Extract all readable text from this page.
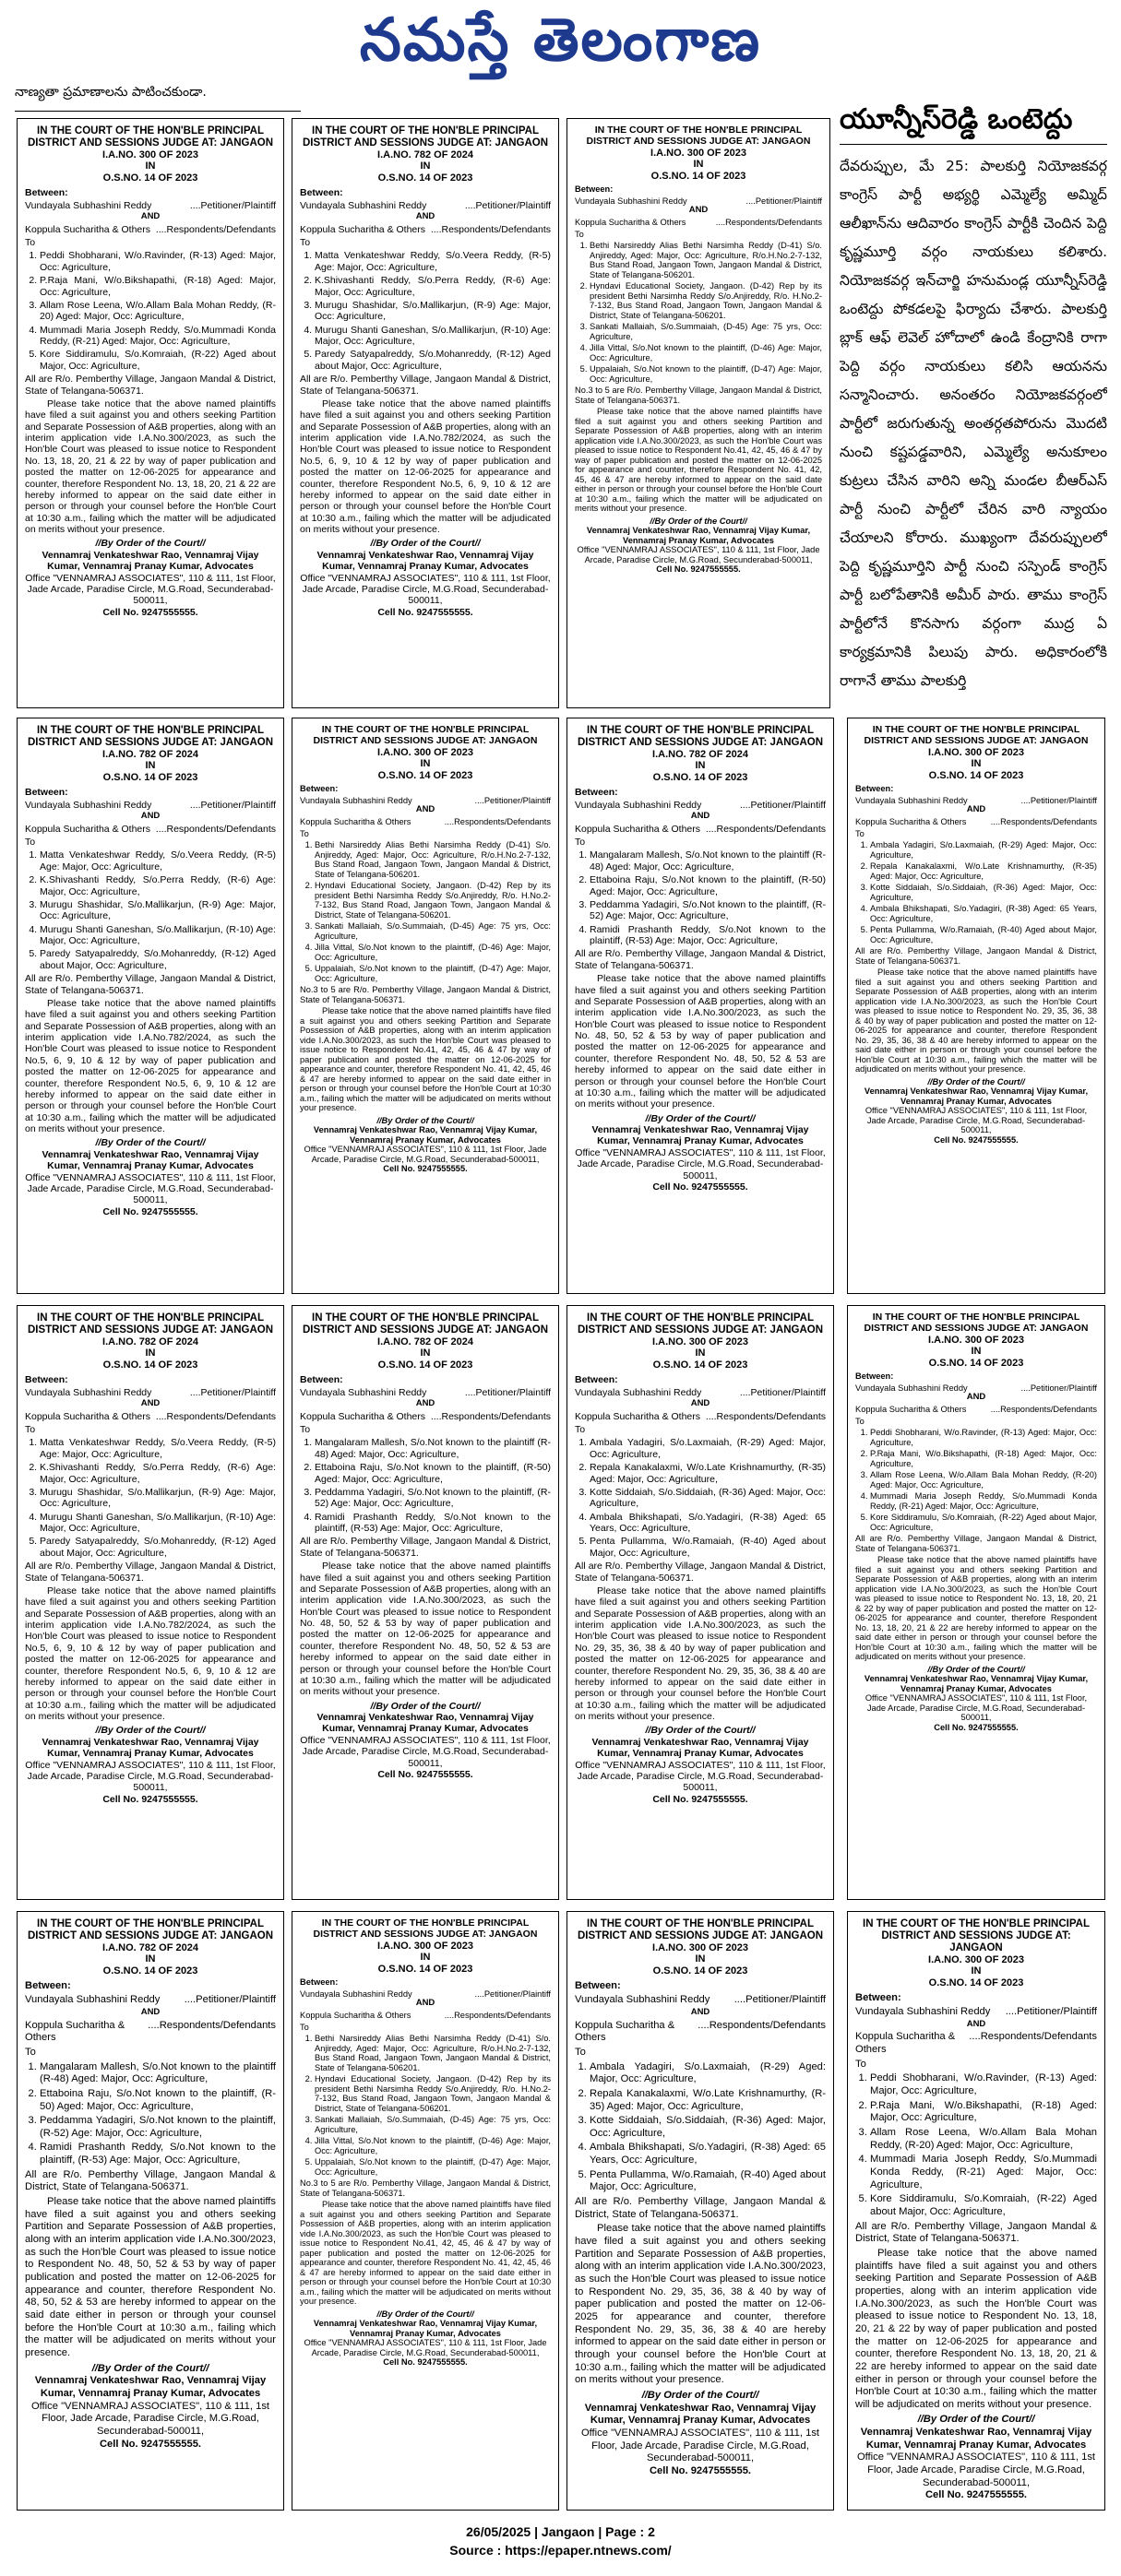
నమస్తే తెలంగాణ
నాణ్యతా ప్రమాణాలను పాటించకుండా.
IN THE COURT OF THE HON'BLE PRINCIPAL DISTRICT AND SESSIONS JUDGE AT: JANGAON
I.A.NO. 300 OF 2023
IN
O.S.NO. 14 OF 2023
Between:
Vundayala Subhashini Reddy	....Petitioner/Plaintiff
AND
Koppula Sucharitha & Others ....Respondents/Defendants
To
1. Peddi Shobharani, W/o.Ravinder, (R-13) Aged: Major, Occ: Agriculture,
2. P.Raja Mani, W/o.Bikshapathi, (R-18) Aged: Major, Occ: Agriculture,
3. Allam Rose Leena, W/o.Allam Bala Mohan Reddy, (R-20) Aged: Major, Occ: Agriculture,
4. Mummadi Maria Joseph Reddy, S/o.Mummadi Konda Reddy, (R-21) Aged: Major, Occ: Agriculture,
5. Kore Siddiramulu, S/o.Komraiah, (R-22) Aged about Major, Occ: Agriculture,
All are R/o. Pemberthy Village, Jangaon Mandal & District, State of Telangana-506371.
Please take notice that the above named plaintiffs have filed a suit against you and others seeking Partition and Separate Possession of A&B properties, along with an interim application vide I.A.No.300/2023, as such the Hon'ble Court was pleased to issue notice to Respondent No. 13, 18, 20, 21 & 22 by way of paper publication and posted the matter on 12-06-2025 for appearance and counter, therefore Respondent No. 13, 18, 20, 21 & 22 are hereby informed to appear on the said date either in person or through your counsel before the Hon'ble Court at 10:30 a.m., failing which the matter will be adjudicated on merits without your presence.
//By Order of the Court//
Vennamraj Venkateshwar Rao, Vennamraj Vijay Kumar, Vennamraj Pranay Kumar, Advocates
Office "VENNAMRAJ ASSOCIATES", 110 & 111, 1st Floor, Jade Arcade, Paradise Circle, M.G.Road, Secunderabad-500011,
Cell No. 9247555555.
IN THE COURT OF THE HON'BLE PRINCIPAL DISTRICT AND SESSIONS JUDGE AT: JANGAON
I.A.NO. 782 OF 2024
IN
O.S.NO. 14 OF 2023
Between:
Vundayala Subhashini Reddy	....Petitioner/Plaintiff
AND
Koppula Sucharitha & Others ....Respondents/Defendants
To
1. Matta Venkateshwar Reddy, S/o.Veera Reddy, (R-5) Age: Major, Occ: Agriculture,
2. K.Shivashanti Reddy, S/o.Perra Reddy, (R-6) Age: Major, Occ: Agriculture,
3. Murugu Shashidar, S/o.Mallikarjun, (R-9) Age: Major, Occ: Agriculture,
4. Murugu Shanti Ganeshan, S/o.Mallikarjun, (R-10) Age: Major, Occ: Agriculture,
5. Paredy Satyapalreddy, S/o.Mohanreddy, (R-12) Aged about Major, Occ: Agriculture,
All are R/o. Pemberthy Village, Jangaon Mandal & District, State of Telangana-506371.
Please take notice that the above named plaintiffs have filed a suit against you and others seeking Partition and Separate Possession of A&B properties, along with an interim application vide I.A.No.782/2024, as such the Hon'ble Court was pleased to issue notice to Respondent No.5, 6, 9, 10 & 12 by way of paper publication and posted the matter on 12-06-2025 for appearance and counter, therefore Respondent No.5, 6, 9, 10 & 12 are hereby informed to appear on the said date either in person or through your counsel before the Hon'ble Court at 10:30 a.m., failing which the matter will be adjudicated on merits without your presence.
//By Order of the Court//
Vennamraj Venkateshwar Rao, Vennamraj Vijay Kumar, Vennamraj Pranay Kumar, Advocates
Office "VENNAMRAJ ASSOCIATES", 110 & 111, 1st Floor, Jade Arcade, Paradise Circle, M.G.Road, Secunderabad-500011,
Cell No. 9247555555.
IN THE COURT OF THE HON'BLE PRINCIPAL DISTRICT AND SESSIONS JUDGE AT: JANGAON
I.A.NO. 300 OF 2023
IN
O.S.NO. 14 OF 2023
Between:
Vundayala Subhashini Reddy	....Petitioner/Plaintiff
AND
Koppula Sucharitha & Others	....Respondents/Defendants
To
1. Bethi Narsireddy Alias Bethi Narsimha Reddy (D-41) S/o. Anjireddy, Aged: Major, Occ: Agriculture, R/o.H.No.2-7-132, Bus Stand Road, Jangaon Town, Jangaon Mandal & District, State of Telangana-506201.
2. Hyndavi Educational Society, Jangaon. (D-42) Rep by its president Bethi Narsimha Reddy S/o.Anjireddy, R/o. H.No.2-7-132, Bus Stand Road, Jangaon Town, Jangaon Mandal & District, State of Telangana-506201.
3. Sankati Mallaiah, S/o.Summaiah, (D-45) Age: 75 yrs, Occ: Agriculture,
4. Jilla Vittal, S/o.Not known to the plaintiff, (D-46) Age: Major, Occ: Agriculture,
5. Uppalaiah, S/o.Not known to the plaintiff, (D-47) Age: Major, Occ: Agriculture,
No.3 to 5 are R/o. Pemberthy Village, Jangaon Mandal & District, State of Telangana-506371.
Please take notice that the above named plaintiffs have filed a suit against you and others seeking Partition and Separate Possession of A&B properties, along with an interim application vide I.A.No.300/2023, as such the Hon'ble Court was pleased to issue notice to Respondent No.41, 42, 45, 46 & 47 by way of paper publication and posted the matter on 12-06-2025 for appearance and counter, therefore Respondent No. 41, 42, 45, 46 & 47 are hereby informed to appear on the said date either in person or through your counsel before the Hon'ble Court at 10:30 a.m., failing which the matter will be adjudicated on merits without your presence.
//By Order of the Court//
Vennamraj Venkateshwar Rao, Vennamraj Vijay Kumar, Vennamraj Pranay Kumar, Advocates
Office "VENNAMRAJ ASSOCIATES", 110 & 111, 1st Floor, Jade Arcade, Paradise Circle, M.G.Road, Secunderabad-500011,
Cell No. 9247555555.
IN THE COURT OF THE HON'BLE PRINCIPAL DISTRICT AND SESSIONS JUDGE AT: JANGAON
I.A.NO. 782 OF 2024
IN
O.S.NO. 14 OF 2023
Between:
Vundayala Subhashini Reddy	....Petitioner/Plaintiff
AND
Koppula Sucharitha & Others ....Respondents/Defendants
To
1. Matta Venkateshwar Reddy, S/o.Veera Reddy, (R-5) Age: Major, Occ: Agriculture,
2. K.Shivashanti Reddy, S/o.Perra Reddy, (R-6) Age: Major, Occ: Agriculture,
3. Murugu Shashidar, S/o.Mallikarjun, (R-9) Age: Major, Occ: Agriculture,
4. Murugu Shanti Ganeshan, S/o.Mallikarjun, (R-10) Age: Major, Occ: Agriculture,
5. Paredy Satyapalreddy, S/o.Mohanreddy, (R-12) Aged about Major, Occ: Agriculture,
All are R/o. Pemberthy Village, Jangaon Mandal & District, State of Telangana-506371.
Please take notice that the above named plaintiffs have filed a suit against you and others seeking Partition and Separate Possession of A&B properties, along with an interim application vide I.A.No.782/2024, as such the Hon'ble Court was pleased to issue notice to Respondent No.5, 6, 9, 10 & 12 by way of paper publication and posted the matter on 12-06-2025 for appearance and counter, therefore Respondent No.5, 6, 9, 10 & 12 are hereby informed to appear on the said date either in person or through your counsel before the Hon'ble Court at 10:30 a.m., failing which the matter will be adjudicated on merits without your presence.
//By Order of the Court//
Vennamraj Venkateshwar Rao, Vennamraj Vijay Kumar, Vennamraj Pranay Kumar, Advocates
Office "VENNAMRAJ ASSOCIATES", 110 & 111, 1st Floor, Jade Arcade, Paradise Circle, M.G.Road, Secunderabad-500011,
Cell No. 9247555555.
IN THE COURT OF THE HON'BLE PRINCIPAL DISTRICT AND SESSIONS JUDGE AT: JANGAON
I.A.NO. 300 OF 2023
IN
O.S.NO. 14 OF 2023
Between:
Vundayala Subhashini Reddy	....Petitioner/Plaintiff
AND
Koppula Sucharitha & Others	....Respondents/Defendants
To
1. Bethi Narsireddy Alias Bethi Narsimha Reddy (D-41) S/o. Anjireddy, Aged: Major, Occ: Agriculture, R/o.H.No.2-7-132, Bus Stand Road, Jangaon Town, Jangaon Mandal & District, State of Telangana-506201.
2. Hyndavi Educational Society, Jangaon. (D-42) Rep by its president Bethi Narsimha Reddy S/o.Anjireddy, R/o. H.No.2-7-132, Bus Stand Road, Jangaon Town, Jangaon Mandal & District, State of Telangana-506201.
3. Sankati Mallaiah, S/o.Summaiah, (D-45) Age: 75 yrs, Occ: Agriculture,
4. Jilla Vittal, S/o.Not known to the plaintiff, (D-46) Age: Major, Occ: Agriculture,
5. Uppalaiah, S/o.Not known to the plaintiff, (D-47) Age: Major, Occ: Agriculture,
No.3 to 5 are R/o. Pemberthy Village, Jangaon Mandal & District, State of Telangana-506371.
Please take notice that the above named plaintiffs have filed a suit against you and others seeking Partition and Separate Possession of A&B properties, along with an interim application vide I.A.No.300/2023, as such the Hon'ble Court was pleased to issue notice to Respondent No.41, 42, 45, 46 & 47 by way of paper publication and posted the matter on 12-06-2025 for appearance and counter, therefore Respondent No. 41, 42, 45, 46 & 47 are hereby informed to appear on the said date either in person or through your counsel before the Hon'ble Court at 10:30 a.m., failing which the matter will be adjudicated on merits without your presence.
//By Order of the Court//
Vennamraj Venkateshwar Rao, Vennamraj Vijay Kumar, Vennamraj Pranay Kumar, Advocates
Office "VENNAMRAJ ASSOCIATES", 110 & 111, 1st Floor, Jade Arcade, Paradise Circle, M.G.Road, Secunderabad-500011,
Cell No. 9247555555.
IN THE COURT OF THE HON'BLE PRINCIPAL DISTRICT AND SESSIONS JUDGE AT: JANGAON
I.A.NO. 782 OF 2024
IN
O.S.NO. 14 OF 2023
Between:
Vundayala Subhashini Reddy	....Petitioner/Plaintiff
AND
Koppula Sucharitha & Others ....Respondents/Defendants
To
1. Mangalaram Mallesh, S/o.Not known to the plaintiff (R-48) Aged: Major, Occ: Agriculture,
2. Ettaboina Raju, S/o.Not known to the plaintiff, (R-50) Aged: Major, Occ: Agriculture,
3. Peddamma Yadagiri, S/o.Not known to the plaintiff, (R-52) Age: Major, Occ: Agriculture,
4. Ramidi Prashanth Reddy, S/o.Not known to the plaintiff, (R-53) Age: Major, Occ: Agriculture,
All are R/o. Pemberthy Village, Jangaon Mandal & District, State of Telangana-506371.
Please take notice that the above named plaintiffs have filed a suit against you and others seeking Partition and Separate Possession of A&B properties, along with an interim application vide I.A.No.300/2023, as such the Hon'ble Court was pleased to issue notice to Respondent No. 48, 50, 52 & 53 by way of paper publication and posted the matter on 12-06-2025 for appearance and counter, therefore Respondent No. 48, 50, 52 & 53 are hereby informed to appear on the said date either in person or through your counsel before the Hon'ble Court at 10:30 a.m., failing which the matter will be adjudicated on merits without your presence.
//By Order of the Court//
Vennamraj Venkateshwar Rao, Vennamraj Vijay Kumar, Vennamraj Pranay Kumar, Advocates
Office "VENNAMRAJ ASSOCIATES", 110 & 111, 1st Floor, Jade Arcade, Paradise Circle, M.G.Road, Secunderabad-500011,
Cell No. 9247555555.
IN THE COURT OF THE HON'BLE PRINCIPAL DISTRICT AND SESSIONS JUDGE AT: JANGAON
I.A.NO. 300 OF 2023
IN
O.S.NO. 14 OF 2023
Between:
Vundayala Subhashini Reddy	....Petitioner/Plaintiff
AND
Koppula Sucharitha & Others	....Respondents/Defendants
To
1. Ambala Yadagiri, S/o.Laxmaiah, (R-29) Aged: Major, Occ: Agriculture,
2. Repala Kanakalaxmi, W/o.Late Krishnamurthy, (R-35) Aged: Major, Occ: Agriculture,
3. Kotte Siddaiah, S/o.Siddaiah, (R-36) Aged: Major, Occ: Agriculture,
4. Ambala Bhikshapati, S/o.Yadagiri, (R-38) Aged: 65 Years, Occ: Agriculture,
5. Penta Pullamma, W/o.Ramaiah, (R-40) Aged about Major, Occ: Agriculture,
All are R/o. Pemberthy Village, Jangaon Mandal & District, State of Telangana-506371.
Please take notice that the above named plaintiffs have filed a suit against you and others seeking Partition and Separate Possession of A&B properties, along with an interim application vide I.A.No.300/2023, as such the Hon'ble Court was pleased to issue notice to Respondent No. 29, 35, 36, 38 & 40 by way of paper publication and posted the matter on 12-06-2025 for appearance and counter, therefore Respondent No. 29, 35, 36, 38 & 40 are hereby informed to appear on the said date either in person or through your counsel before the Hon'ble Court at 10:30 a.m., failing which the matter will be adjudicated on merits without your presence.
//By Order of the Court//
Vennamraj Venkateshwar Rao, Vennamraj Vijay Kumar, Vennamraj Pranay Kumar, Advocates
Office "VENNAMRAJ ASSOCIATES", 110 & 111, 1st Floor, Jade Arcade, Paradise Circle, M.G.Road, Secunderabad-500011,
Cell No. 9247555555.
IN THE COURT OF THE HON'BLE PRINCIPAL DISTRICT AND SESSIONS JUDGE AT: JANGAON
I.A.NO. 782 OF 2024
IN
O.S.NO. 14 OF 2023
Between:
Vundayala Subhashini Reddy	....Petitioner/Plaintiff
AND
Koppula Sucharitha & Others ....Respondents/Defendants
To
1. Matta Venkateshwar Reddy, S/o.Veera Reddy, (R-5) Age: Major, Occ: Agriculture,
2. K.Shivashanti Reddy, S/o.Perra Reddy, (R-6) Age: Major, Occ: Agriculture,
3. Murugu Shashidar, S/o.Mallikarjun, (R-9) Age: Major, Occ: Agriculture,
4. Murugu Shanti Ganeshan, S/o.Mallikarjun, (R-10) Age: Major, Occ: Agriculture,
5. Paredy Satyapalreddy, S/o.Mohanreddy, (R-12) Aged about Major, Occ: Agriculture,
All are R/o. Pemberthy Village, Jangaon Mandal & District, State of Telangana-506371.
Please take notice that the above named plaintiffs have filed a suit against you and others seeking Partition and Separate Possession of A&B properties, along with an interim application vide I.A.No.782/2024, as such the Hon'ble Court was pleased to issue notice to Respondent No.5, 6, 9, 10 & 12 by way of paper publication and posted the matter on 12-06-2025 for appearance and counter, therefore Respondent No.5, 6, 9, 10 & 12 are hereby informed to appear on the said date either in person or through your counsel before the Hon'ble Court at 10:30 a.m., failing which the matter will be adjudicated on merits without your presence.
//By Order of the Court//
Vennamraj Venkateshwar Rao, Vennamraj Vijay Kumar, Vennamraj Pranay Kumar, Advocates
Office "VENNAMRAJ ASSOCIATES", 110 & 111, 1st Floor, Jade Arcade, Paradise Circle, M.G.Road, Secunderabad-500011,
Cell No. 9247555555.
IN THE COURT OF THE HON'BLE PRINCIPAL DISTRICT AND SESSIONS JUDGE AT: JANGAON
I.A.NO. 782 OF 2024
IN
O.S.NO. 14 OF 2023
Between:
Vundayala Subhashini Reddy	....Petitioner/Plaintiff
AND
Koppula Sucharitha & Others ....Respondents/Defendants
To
1. Mangalaram Mallesh, S/o.Not known to the plaintiff (R-48) Aged: Major, Occ: Agriculture,
2. Ettaboina Raju, S/o.Not known to the plaintiff, (R-50) Aged: Major, Occ: Agriculture,
3. Peddamma Yadagiri, S/o.Not known to the plaintiff, (R-52) Age: Major, Occ: Agriculture,
4. Ramidi Prashanth Reddy, S/o.Not known to the plaintiff, (R-53) Age: Major, Occ: Agriculture,
All are R/o. Pemberthy Village, Jangaon Mandal & District, State of Telangana-506371.
Please take notice that the above named plaintiffs have filed a suit against you and others seeking Partition and Separate Possession of A&B properties, along with an interim application vide I.A.No.300/2023, as such the Hon'ble Court was pleased to issue notice to Respondent No. 48, 50, 52 & 53 by way of paper publication and posted the matter on 12-06-2025 for appearance and counter, therefore Respondent No. 48, 50, 52 & 53 are hereby informed to appear on the said date either in person or through your counsel before the Hon'ble Court at 10:30 a.m., failing which the matter will be adjudicated on merits without your presence.
//By Order of the Court//
Vennamraj Venkateshwar Rao, Vennamraj Vijay Kumar, Vennamraj Pranay Kumar, Advocates
Office "VENNAMRAJ ASSOCIATES", 110 & 111, 1st Floor, Jade Arcade, Paradise Circle, M.G.Road, Secunderabad-500011,
Cell No. 9247555555.
IN THE COURT OF THE HON'BLE PRINCIPAL DISTRICT AND SESSIONS JUDGE AT: JANGAON
I.A.NO. 300 OF 2023
IN
O.S.NO. 14 OF 2023
Between:
Vundayala Subhashini Reddy	....Petitioner/Plaintiff
AND
Koppula Sucharitha & Others ....Respondents/Defendants
To
1. Ambala Yadagiri, S/o.Laxmaiah, (R-29) Aged: Major, Occ: Agriculture,
2. Repala Kanakalaxmi, W/o.Late Krishnamurthy, (R-35) Aged: Major, Occ: Agriculture,
3. Kotte Siddaiah, S/o.Siddaiah, (R-36) Aged: Major, Occ: Agriculture,
4. Ambala Bhikshapati, S/o.Yadagiri, (R-38) Aged: 65 Years, Occ: Agriculture,
5. Penta Pullamma, W/o.Ramaiah, (R-40) Aged about Major, Occ: Agriculture,
All are R/o. Pemberthy Village, Jangaon Mandal & District, State of Telangana-506371.
Please take notice that the above named plaintiffs have filed a suit against you and others seeking Partition and Separate Possession of A&B properties, along with an interim application vide I.A.No.300/2023, as such the Hon'ble Court was pleased to issue notice to Respondent No. 29, 35, 36, 38 & 40 by way of paper publication and posted the matter on 12-06-2025 for appearance and counter, therefore Respondent No. 29, 35, 36, 38 & 40 are hereby informed to appear on the said date either in person or through your counsel before the Hon'ble Court at 10:30 a.m., failing which the matter will be adjudicated on merits without your presence.
//By Order of the Court//
Vennamraj Venkateshwar Rao, Vennamraj Vijay Kumar, Vennamraj Pranay Kumar, Advocates
Office "VENNAMRAJ ASSOCIATES", 110 & 111, 1st Floor, Jade Arcade, Paradise Circle, M.G.Road, Secunderabad-500011,
Cell No. 9247555555.
IN THE COURT OF THE HON'BLE PRINCIPAL DISTRICT AND SESSIONS JUDGE AT: JANGAON
I.A.NO. 300 OF 2023
IN
O.S.NO. 14 OF 2023
Between:
Vundayala Subhashini Reddy	....Petitioner/Plaintiff
AND
Koppula Sucharitha & Others	....Respondents/Defendants
To
1. Peddi Shobharani, W/o.Ravinder, (R-13) Aged: Major, Occ: Agriculture,
2. P.Raja Mani, W/o.Bikshapathi, (R-18) Aged: Major, Occ: Agriculture,
3. Allam Rose Leena, W/o.Allam Bala Mohan Reddy, (R-20) Aged: Major, Occ: Agriculture,
4. Mummadi Maria Joseph Reddy, S/o.Mummadi Konda Reddy, (R-21) Aged: Major, Occ: Agriculture,
5. Kore Siddiramulu, S/o.Komraiah, (R-22) Aged about Major, Occ: Agriculture,
All are R/o. Pemberthy Village, Jangaon Mandal & District, State of Telangana-506371.
Please take notice that the above named plaintiffs have filed a suit against you and others seeking Partition and Separate Possession of A&B properties, along with an interim application vide I.A.No.300/2023, as such the Hon'ble Court was pleased to issue notice to Respondent No. 13, 18, 20, 21 & 22 by way of paper publication and posted the matter on 12-06-2025 for appearance and counter, therefore Respondent No. 13, 18, 20, 21 & 22 are hereby informed to appear on the said date either in person or through your counsel before the Hon'ble Court at 10:30 a.m., failing which the matter will be adjudicated on merits without your presence.
//By Order of the Court//
Vennamraj Venkateshwar Rao, Vennamraj Vijay Kumar, Vennamraj Pranay Kumar, Advocates
Office "VENNAMRAJ ASSOCIATES", 110 & 111, 1st Floor, Jade Arcade, Paradise Circle, M.G.Road, Secunderabad-500011,
Cell No. 9247555555.
IN THE COURT OF THE HON'BLE PRINCIPAL DISTRICT AND SESSIONS JUDGE AT: JANGAON
I.A.NO. 782 OF 2024
IN
O.S.NO. 14 OF 2023
Between:
Vundayala Subhashini Reddy ....Petitioner/Plaintiff
AND
Koppula Sucharitha & Others
....Respondents/Defendants
To
1. Mangalaram Mallesh, S/o.Not known to the plaintiff (R-48) Aged: Major, Occ: Agriculture,
2. Ettaboina Raju, S/o.Not known to the plaintiff, (R-50) Aged: Major, Occ: Agriculture,
3. Peddamma Yadagiri, S/o.Not known to the plaintiff, (R-52) Age: Major, Occ: Agriculture,
4. Ramidi Prashanth Reddy, S/o.Not known to the plaintiff, (R-53) Age: Major, Occ: Agriculture,
All are R/o. Pemberthy Village, Jangaon Mandal & District, State of Telangana-506371.
Please take notice that the above named plaintiffs have filed a suit against you and others seeking Partition and Separate Possession of A&B properties, along with an interim application vide I.A.No.300/2023, as such the Hon'ble Court was pleased to issue notice to Respondent No. 48, 50, 52 & 53 by way of paper publication and posted the matter on 12-06-2025 for appearance and counter, therefore Respondent No. 48, 50, 52 & 53 are hereby informed to appear on the said date either in person or through your counsel before the Hon'ble Court at 10:30 a.m., failing which the matter will be adjudicated on merits without your presence.
//By Order of the Court//
Vennamraj Venkateshwar Rao, Vennamraj Vijay Kumar, Vennamraj Pranay Kumar, Advocates
Office "VENNAMRAJ ASSOCIATES", 110 & 111, 1st Floor, Jade Arcade, Paradise Circle, M.G.Road, Secunderabad-500011,
Cell No. 9247555555.
IN THE COURT OF THE HON'BLE PRINCIPAL DISTRICT AND SESSIONS JUDGE AT: JANGAON
I.A.NO. 300 OF 2023
IN
O.S.NO. 14 OF 2023
Between:
Vundayala Subhashini Reddy	....Petitioner/Plaintiff
AND
Koppula Sucharitha & Others	....Respondents/Defendants
To
1. Bethi Narsireddy Alias Bethi Narsimha Reddy (D-41) S/o. Anjireddy, Aged: Major, Occ: Agriculture, R/o.H.No.2-7-132, Bus Stand Road, Jangaon Town, Jangaon Mandal & District, State of Telangana-506201.
2. Hyndavi Educational Society, Jangaon. (D-42) Rep by its president Bethi Narsimha Reddy S/o.Anjireddy, R/o. H.No.2-7-132, Bus Stand Road, Jangaon Town, Jangaon Mandal & District, State of Telangana-506201.
3. Sankati Mallaiah, S/o.Summaiah, (D-45) Age: 75 yrs, Occ: Agriculture,
4. Jilla Vittal, S/o.Not known to the plaintiff, (D-46) Age: Major, Occ: Agriculture,
5. Uppalaiah, S/o.Not known to the plaintiff, (D-47) Age: Major, Occ: Agriculture,
No.3 to 5 are R/o. Pemberthy Village, Jangaon Mandal & District, State of Telangana-506371.
Please take notice that the above named plaintiffs have filed a suit against you and others seeking Partition and Separate Possession of A&B properties, along with an interim application vide I.A.No.300/2023, as such the Hon'ble Court was pleased to issue notice to Respondent No.41, 42, 45, 46 & 47 by way of paper publication and posted the matter on 12-06-2025 for appearance and counter, therefore Respondent No. 41, 42, 45, 46 & 47 are hereby informed to appear on the said date either in person or through your counsel before the Hon'ble Court at 10:30 a.m., failing which the matter will be adjudicated on merits without your presence.
//By Order of the Court//
Vennamraj Venkateshwar Rao, Vennamraj Vijay Kumar, Vennamraj Pranay Kumar, Advocates
Office "VENNAMRAJ ASSOCIATES", 110 & 111, 1st Floor, Jade Arcade, Paradise Circle, M.G.Road, Secunderabad-500011,
Cell No. 9247555555.
IN THE COURT OF THE HON'BLE PRINCIPAL DISTRICT AND SESSIONS JUDGE AT: JANGAON
I.A.NO. 300 OF 2023
IN
O.S.NO. 14 OF 2023
Between:
Vundayala Subhashini Reddy ....Petitioner/Plaintiff
AND
Koppula Sucharitha & Others
....Respondents/Defendants
To
1. Ambala Yadagiri, S/o.Laxmaiah, (R-29) Aged: Major, Occ: Agriculture,
2. Repala Kanakalaxmi, W/o.Late Krishnamurthy, (R-35) Aged: Major, Occ: Agriculture,
3. Kotte Siddaiah, S/o.Siddaiah, (R-36) Aged: Major, Occ: Agriculture,
4. Ambala Bhikshapati, S/o.Yadagiri, (R-38) Aged: 65 Years, Occ: Agriculture,
5. Penta Pullamma, W/o.Ramaiah, (R-40) Aged about Major, Occ: Agriculture,
All are R/o. Pemberthy Village, Jangaon Mandal & District, State of Telangana-506371.
Please take notice that the above named plaintiffs have filed a suit against you and others seeking Partition and Separate Possession of A&B properties, along with an interim application vide I.A.No.300/2023, as such the Hon'ble Court was pleased to issue notice to Respondent No. 29, 35, 36, 38 & 40 by way of paper publication and posted the matter on 12-06-2025 for appearance and counter, therefore Respondent No. 29, 35, 36, 38 & 40 are hereby informed to appear on the said date either in person or through your counsel before the Hon'ble Court at 10:30 a.m., failing which the matter will be adjudicated on merits without your presence.
//By Order of the Court//
Vennamraj Venkateshwar Rao, Vennamraj Vijay Kumar, Vennamraj Pranay Kumar, Advocates
Office "VENNAMRAJ ASSOCIATES", 110 & 111, 1st Floor, Jade Arcade, Paradise Circle, M.G.Road, Secunderabad-500011,
Cell No. 9247555555.
IN THE COURT OF THE HON'BLE PRINCIPAL DISTRICT AND SESSIONS JUDGE AT: JANGAON
I.A.NO. 300 OF 2023
IN
O.S.NO. 14 OF 2023
Between:
Vundayala Subhashini Reddy ....Petitioner/Plaintiff
AND
Koppula Sucharitha & Others
....Respondents/Defendants
To
1. Peddi Shobharani, W/o.Ravinder, (R-13) Aged: Major, Occ: Agriculture,
2. P.Raja Mani, W/o.Bikshapathi, (R-18) Aged: Major, Occ: Agriculture,
3. Allam Rose Leena, W/o.Allam Bala Mohan Reddy, (R-20) Aged: Major, Occ: Agriculture,
4. Mummadi Maria Joseph Reddy, S/o.Mummadi Konda Reddy, (R-21) Aged: Major, Occ: Agriculture,
5. Kore Siddiramulu, S/o.Komraiah, (R-22) Aged about Major, Occ: Agriculture,
All are R/o. Pemberthy Village, Jangaon Mandal & District, State of Telangana-506371.
Please take notice that the above named plaintiffs have filed a suit against you and others seeking Partition and Separate Possession of A&B properties, along with an interim application vide I.A.No.300/2023, as such the Hon'ble Court was pleased to issue notice to Respondent No. 13, 18, 20, 21 & 22 by way of paper publication and posted the matter on 12-06-2025 for appearance and counter, therefore Respondent No. 13, 18, 20, 21 & 22 are hereby informed to appear on the said date either in person or through your counsel before the Hon'ble Court at 10:30 a.m., failing which the matter will be adjudicated on merits without your presence.
//By Order of the Court//
Vennamraj Venkateshwar Rao, Vennamraj Vijay Kumar, Vennamraj Pranay Kumar, Advocates
Office "VENNAMRAJ ASSOCIATES", 110 & 111, 1st Floor, Jade Arcade, Paradise Circle, M.G.Road, Secunderabad-500011,
Cell No. 9247555555.
యూన్నీస్‌రెడ్డి ఒంటెద్దు
దేవరుప్పుల, మే 25: పాలకుర్తి నియోజకవర్గ కాంగ్రెస్ పార్టీ అభ్యర్థి ఎమ్మెల్యే అమ్మిద్ ఆలీఖాన్‌ను ఆదివారం కాంగ్రెస్ పార్టీకి చెందిన పెద్ది కృష్ణమూర్తి వర్గం నాయకులు కలిశారు. నియోజకవర్గ ఇన్‌చార్జి హనుమండ్ల యూన్నీస్‌రెడ్డి ఒంటెద్దు పోకడలపై ఫిర్యాదు చేశారు. పాలకుర్తి బ్లాక్ ఆఫ్ లెవెల్ హోదాలో ఉండి కేంద్రానికి రాగా పెద్ది వర్గం నాయకులు కలిసి ఆయనను సన్మానించారు. అనంతరం నియోజకవర్గంలో పార్టీలో జరుగుతున్న అంతర్గతపోరును మొదటి నుంచి కష్టపడ్డవారిని, ఎమ్మెల్యే అనుకూలం కుట్రలు చేసిన వారిని అన్ని మండల బీఆర్ఎస్ పార్టీ నుంచి పార్టీలో చేరిన వారి న్యాయం చేయాలని కోరారు. ముఖ్యంగా దేవరుప్పులలో పెద్ది కృష్ణమూర్తిని పార్టీ నుంచి సస్పెండ్ కాంగ్రెస్ పార్టీ బలోపేతానికి అమీర్ పారు. తాము కాంగ్రెస్ పార్టీలోనే కొనసాగు వర్గంగా ముద్ర ఏ కార్యక్రమానికి పిలుపు పారు. అధికారంలోకి రాగానే తాము పాలకుర్తి
26/05/2025 | Jangaon | Page : 2
Source : https://epaper.ntnews.com/
